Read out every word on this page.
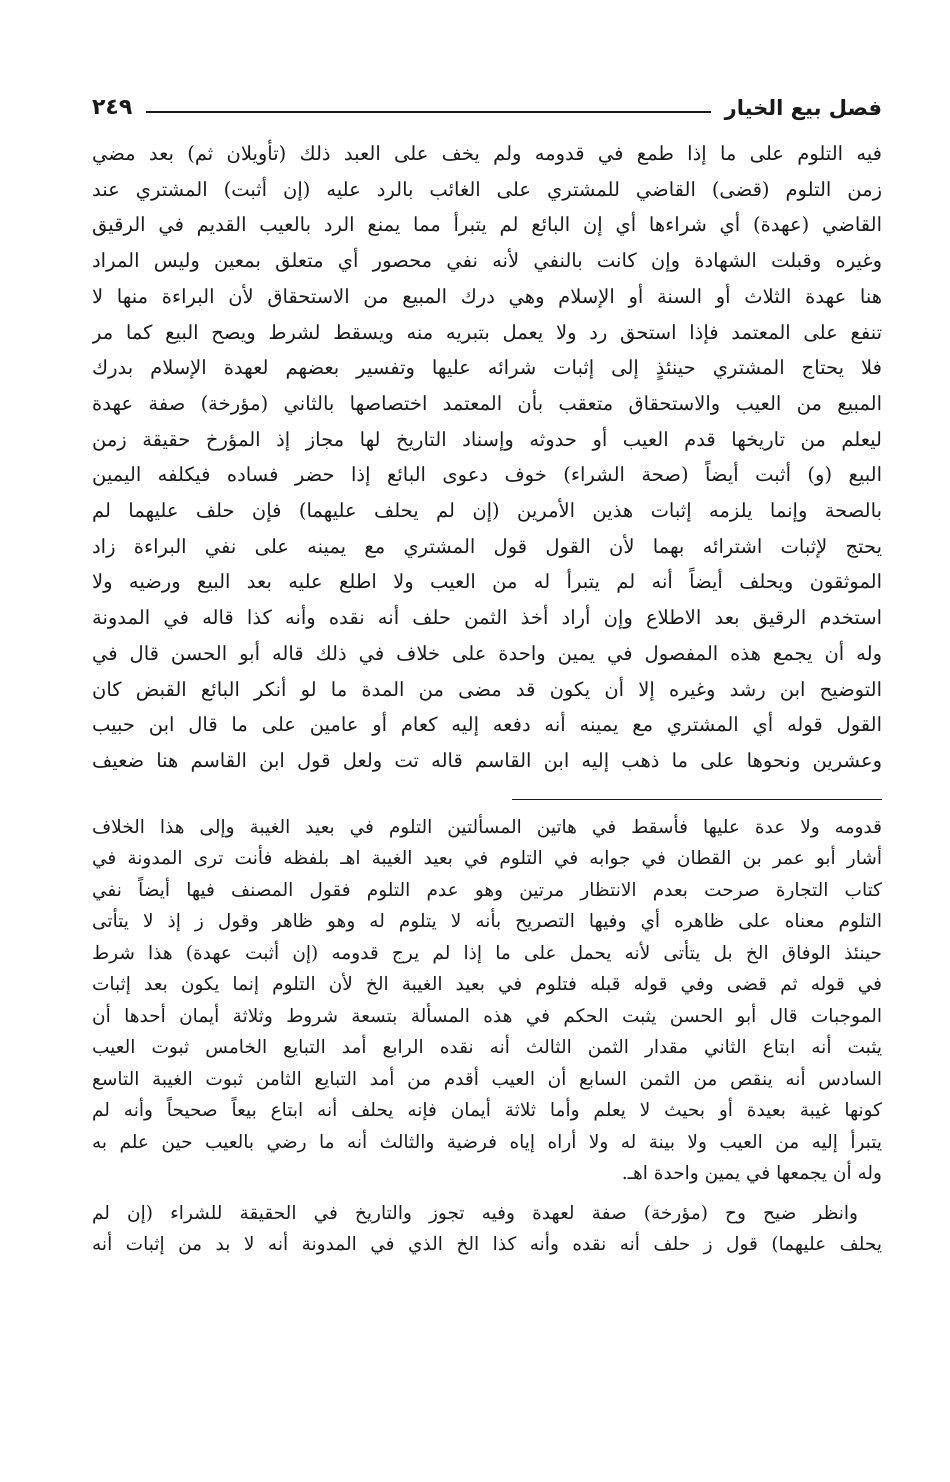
فصل بيع الخيار
٢٤٩
فيه التلوم على ما إذا طمع في قدومه ولم يخف على العبد ذلك (تأويلان ثم) بعد مضي
زمن التلوم (قضى) القاضي للمشتري على الغائب بالرد عليه (إن أثبت) المشتري عند
القاضي (عهدة) أي شراءها أي إن البائع لم يتبرأ مما يمنع الرد بالعيب القديم في الرقيق
وغيره وقبلت الشهادة وإن كانت بالنفي لأنه نفي محصور أي متعلق بمعين وليس المراد
هنا عهدة الثلاث أو السنة أو الإسلام وهي درك المبيع من الاستحقاق لأن البراءة منها لا
تنفع على المعتمد فإذا استحق رد ولا يعمل بتبريه منه ويسقط لشرط ويصح البيع كما مر
فلا يحتاج المشتري حينئذٍ إلى إثبات شرائه عليها وتفسير بعضهم لعهدة الإسلام بدرك
المبيع من العيب والاستحقاق متعقب بأن المعتمد اختصاصها بالثاني (مؤرخة) صفة عهدة
ليعلم من تاريخها قدم العيب أو حدوثه وإسناد التاريخ لها مجاز إذ المؤرخ حقيقة زمن
البيع (و) أثبت أيضاً (صحة الشراء) خوف دعوى البائع إذا حضر فساده فيكلفه اليمين
بالصحة وإنما يلزمه إثبات هذين الأمرين (إن لم يحلف عليهما) فإن حلف عليهما لم
يحتج لإثبات اشترائه بهما لأن القول قول المشتري مع يمينه على نفي البراءة زاد
الموثقون ويحلف أيضاً أنه لم يتبرأ له من العيب ولا اطلع عليه بعد البيع ورضيه ولا
استخدم الرقيق بعد الاطلاع وإن أراد أخذ الثمن حلف أنه نقده وأنه كذا قاله في المدونة
وله أن يجمع هذه المفصول في يمين واحدة على خلاف في ذلك قاله أبو الحسن قال في
التوضيح ابن رشد وغيره إلا أن يكون قد مضى من المدة ما لو أنكر البائع القبض كان
القول قوله أي المشتري مع يمينه أنه دفعه إليه كعام أو عامين على ما قال ابن حبيب
وعشرين ونحوها على ما ذهب إليه ابن القاسم قاله تت ولعل قول ابن القاسم هنا ضعيف

قدومه ولا عدة عليها فأسقط في هاتين المسألتين التلوم في بعيد الغيبة وإلى هذا الخلاف
أشار أبو عمر بن القطان في جوابه في التلوم في بعيد الغيبة اهـ بلفظه فأنت ترى المدونة في
كتاب التجارة صرحت بعدم الانتظار مرتين وهو عدم التلوم فقول المصنف فيها أيضاً نفي
التلوم معناه على ظاهره أي وفيها التصريح بأنه لا يتلوم له وهو ظاهر وقول ز إذ لا يتأتى
حينئذ الوفاق الخ بل يتأتى لأنه يحمل على ما إذا لم يرج قدومه (إن أثبت عهدة) هذا شرط
في قوله ثم قضى وفي قوله قبله فتلوم في بعيد الغيبة الخ لأن التلوم إنما يكون بعد إثبات
الموجبات قال أبو الحسن يثبت الحكم في هذه المسألة بتسعة شروط وثلاثة أيمان أحدها أن
يثبت أنه ابتاع الثاني مقدار الثمن الثالث أنه نقده الرابع أمد التبايع الخامس ثبوت العيب
السادس أنه ينقص من الثمن السابع أن العيب أقدم من أمد التبايع الثامن ثبوت الغيبة التاسع
كونها غيبة بعيدة أو بحيث لا يعلم وأما ثلاثة أيمان فإنه يحلف أنه ابتاع بيعاً صحيحاً وأنه لم
يتبرأ إليه من العيب ولا بينة له ولا أراه إياه فرضية والثالث أنه ما رضي بالعيب حين علم به
وله أن يجمعها في يمين واحدة اهـ.

وانظر ضيح وح (مؤرخة) صفة لعهدة وفيه تجوز والتاريخ في الحقيقة للشراء (إن لم
يحلف عليهما) قول ز حلف أنه نقده وأنه كذا الخ الذي في المدونة أنه لا بد من إثبات أنه
